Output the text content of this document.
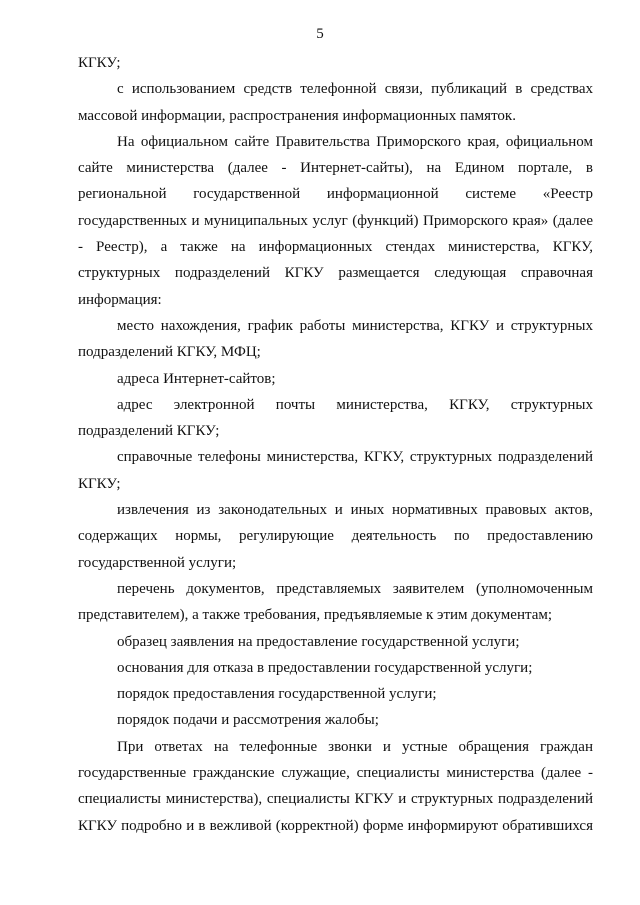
5

КГКУ;

с использованием средств телефонной связи, публикаций в средствах массовой информации, распространения информационных памяток.

На официальном сайте Правительства Приморского края, официальном сайте министерства (далее - Интернет-сайты), на Едином портале, в региональной государственной информационной системе «Реестр государственных и муниципальных услуг (функций) Приморского края» (далее - Реестр), а также на информационных стендах министерства, КГКУ, структурных подразделений КГКУ размещается следующая справочная информация:

место нахождения, график работы министерства, КГКУ и структурных подразделений КГКУ, МФЦ;

адреса Интернет-сайтов;

адрес электронной почты министерства, КГКУ, структурных подразделений КГКУ;

справочные телефоны министерства, КГКУ, структурных подразделений КГКУ;

извлечения из законодательных и иных нормативных правовых актов, содержащих нормы, регулирующие деятельность по предоставлению государственной услуги;

перечень документов, представляемых заявителем (уполномоченным представителем), а также требования, предъявляемые к этим документам;

образец заявления на предоставление государственной услуги;

основания для отказа в предоставлении государственной услуги;

порядок предоставления государственной услуги;

порядок подачи и рассмотрения жалобы;

При ответах на телефонные звонки и устные обращения граждан государственные гражданские служащие, специалисты министерства (далее - специалисты министерства), специалисты КГКУ и структурных подразделений КГКУ подробно и в вежливой (корректной) форме информируют обратившихся
